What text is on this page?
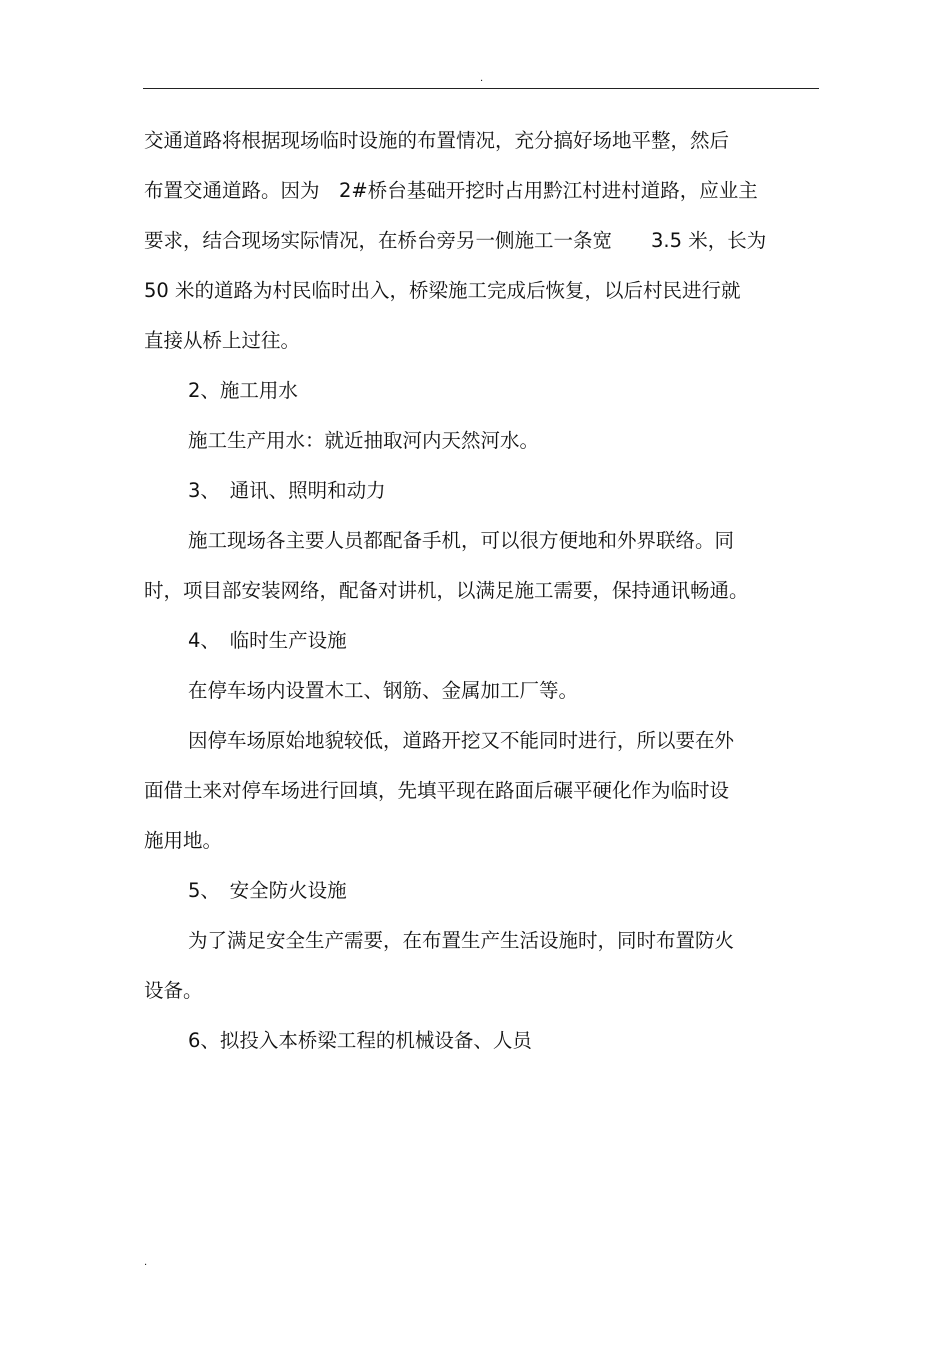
.
交通道路将根据现场临时设施的布置情况，充分搞好场地平整，然后
布置交通道路。因为　2#桥台基础开挖时占用黔江村进村道路，应业主
要求，结合现场实际情况，在桥台旁另一侧施工一条宽　　3.5 米，长为
50 米的道路为村民临时出入，桥梁施工完成后恢复，以后村民进行就
直接从桥上过往。
2、施工用水
施工生产用水：就近抽取河内天然河水。
3、　通讯、照明和动力
施工现场各主要人员都配备手机，可以很方便地和外界联络。同
时，项目部安装网络，配备对讲机，以满足施工需要，保持通讯畅通。
4、　临时生产设施
在停车场内设置木工、钢筋、金属加工厂等。
因停车场原始地貌较低，道路开挖又不能同时进行，所以要在外
面借土来对停车场进行回填，先填平现在路面后碾平硬化作为临时设
施用地。
5、　安全防火设施
为了满足安全生产需要，在布置生产生活设施时，同时布置防火
设备。
6、拟投入本桥梁工程的机械设备、人员
.
